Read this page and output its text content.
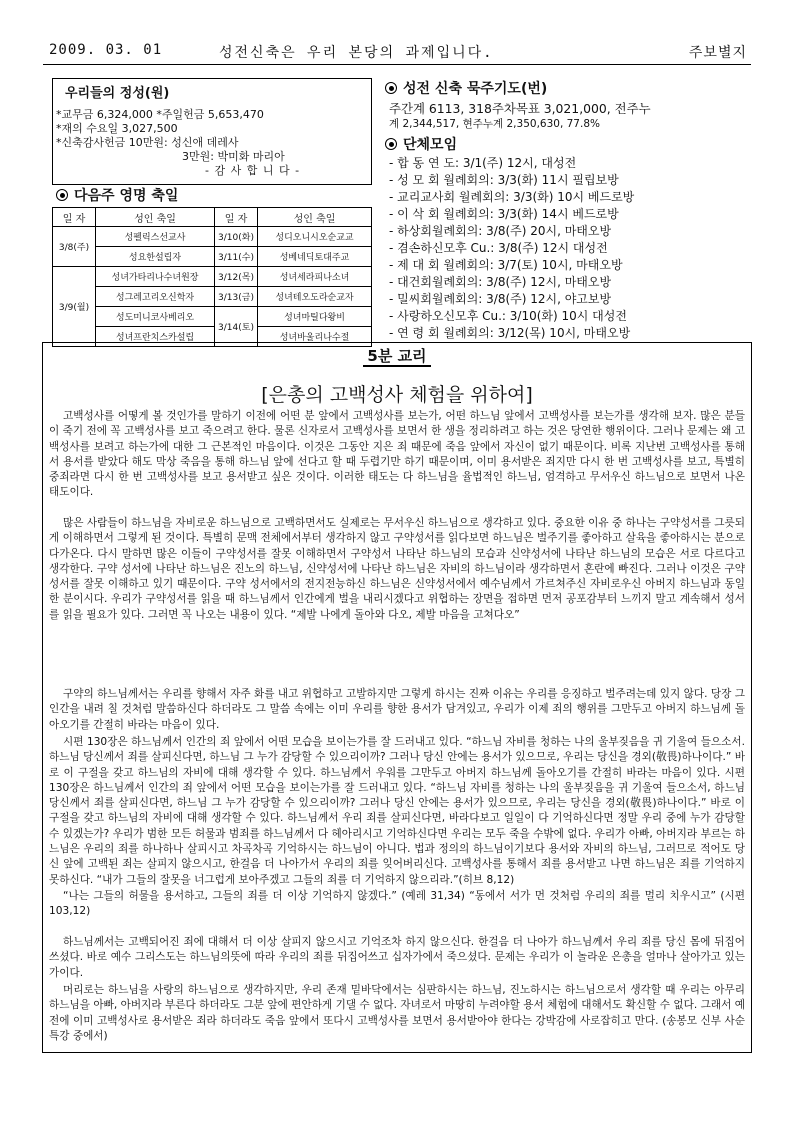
2009. 03. 01	성전신축은 우리 본당의 과제입니다.	주보별지
우리들의 정성(원)
*교무금 6,324,000 *주일헌금 5,653,470
*재의 수요일 3,027,500
*신축감사헌금 10만원: 성신애 데레사
3만원: 박미화 마리아
- 감 사 합 니 다 -
다음주 영명 축일
일 자	성인 축일	일 자	성인 축일
3/8(주)	성펠릭스선교사	3/10(화)	성디오니시오순교교
	성요한설립자	3/11(수)	성베네딕토대주교
3/9(월)	성녀가타리나수녀원장	3/12(목)	성녀세라피나소녀
	성그레고리오신학자	3/13(금)	성녀테오도라순교자
	성도미니코사베리오	3/14(토)	성녀마틸다왕비
	성녀프란치스카설립		성녀바울리나수절
성전 신축 묵주기도(번)
주간계 6113, 318주차목표 3,021,000, 전주누
계 2,344,517, 현주누계 2,350,630, 77.8%
단체모임
- 합 동 연 도: 3/1(주) 12시, 대성전
- 성 모 회 월례회의: 3/3(화) 11시 필립보방
- 교리교사회 월례회의: 3/3(화) 10시 베드로방
- 이 삭 회 월례회의: 3/3(화) 14시 베드로방
- 하상회월례회의: 3/8(주) 20시, 마태오방
- 겸손하신모후 Cu.: 3/8(주) 12시 대성전
- 제 대 회 월례회의: 3/7(토) 10시, 마태오방
- 대건회월례회의: 3/8(주) 12시, 마태오방
- 밀씨회월례회의: 3/8(주) 12시, 야고보방
- 사랑하오신모후 Cu.: 3/10(화) 10시 대성전
- 연 령 회 월례회의: 3/12(목) 10시, 마태오방
5분 교리
[은총의 고백성사 체험을 위하여]

고백성사를 어떻게 볼 것인가를 말하기 이전에 어떤 분 앞에서 고백성사를 보는가, 어떤 하느님 앞에서 고백성사를 보는가를 생각해 보자. 많은 분들이 죽기 전에 꼭 고백성사를 보고 죽으려고 한다. 물론 신자로서 고백성사를 보면서 한 생을 정리하려고 하는 것은 당연한 행위이다. 그러나 문제는 왜 고백성사를 보려고 하는가에 대한 그 근본적인 마음이다. 이것은 그동안 지은 죄 때문에 죽음 앞에서 자신이 없기 때문이다. 비록 지난번 고백성사를 통해서 용서를 받았다 해도 막상 죽음을 통해 하느님 앞에 선다고 할 때 두렵기만 하기 때문이며, 이미 용서받은 죄지만 다시 한 번 고백성사를 보고, 특별히 중죄라면 다시 한 번 고백성사를 보고 용서받고 싶은 것이다. 이러한 태도는 다 하느님을 율법적인 하느님, 엄격하고 무서우신 하느님으로 보면서 나온 태도이다.

많은 사람들이 하느님을 자비로운 하느님으로 고백하면서도 실제로는 무서우신 하느님으로 생각하고 있다. 중요한 이유 중 하나는 구약성서를 그릇되게 이해하면서 그렇게 된 것이다. 특별히 문맥 전체에서부터 생각하지 않고 구약성서를 읽다보면 하느님은 벌주기를 좋아하고 살육을 좋아하시는 분으로 다가온다. 다시 말하면 많은 이들이 구약성서를 잘못 이해하면서 구약성서 나타난 하느님의 모습과 신약성서에 나타난 하느님의 모습은 서로 다르다고 생각한다. 구약 성서에 나타난 하느님은 진노의 하느님, 신약성서에 나타난 하느님은 자비의 하느님이라 생각하면서 혼란에 빠진다. 그러나 이것은 구약성서를 잘못 이해하고 있기 때문이다. 구약 성서에서의 전지전능하신 하느님은 신약성서에서 예수님께서 가르쳐주신 자비로우신 아버지 하느님과 동일한 분이시다. 우리가 구약성서를 읽을 때 하느님께서 인간에게 벌을 내리시겠다고 위협하는 장면을 접하면 먼저 공포감부터 느끼지 말고 계속해서 성서를 읽을 필요가 있다. 그러면 꼭 나오는 내용이 있다. “제발 나에게 돌아와 다오, 제발 마음을 고쳐다오”

구약의 하느님께서는 우리를 향해서 자주 화를 내고 위협하고 고발하지만 그렇게 하시는 진짜 이유는 우리를 응징하고 벌주려는데 있지 않다. 당장 그 인간을 내려 칠 것처럼 말씀하신다 하더라도 그 말씀 속에는 이미 우리를 향한 용서가 담겨있고, 우리가 이제 죄의 행위를 그만두고 아버지 하느님께 돌아오기를 간절히 바라는 마음이 있다.

시편 130장은 하느님께서 인간의 죄 앞에서 어떤 모습을 보이는가를 잘 드러내고 있다. “하느님 자비를 청하는 나의 울부짖음을 귀 기울여 들으소서. 하느님 당신께서 죄를 살피신다면, 하느님 그 누가 감당할 수 있으리이까? 그러나 당신 안에는 용서가 있으므로, 우리는 당신을 경외(敬畏)하나이다.” 바로 이 구절을 갖고 하느님의 자비에 대해 생각할 수 있다. 하느님께서 우워를 그만두고 아버지 하느님께 돌아오기를 간절히 바라는 마음이 있다. 시편 130장은 하느님께서 인간의 죄 앞에서 어떤 모습을 보이는가를 잘 드러내고 있다. “하느님 자비를 청하는 나의 울부짖음을 귀 기울여 들으소서, 하느님 당신께서 죄를 살피신다면, 하느님 그 누가 감당할 수 있으리이까? 그러나 당신 안에는 용서가 있으므로, 우리는 당신을 경외(敬畏)하나이다.” 바로 이 구절을 갖고 하느님의 자비에 대해 생각할 수 있다. 하느님께서 우리 죄를 살피신다면, 바라다보고 일일이 다 기억하신다면 정말 우리 중에 누가 감당할 수 있겠는가? 우리가 범한 모든 허물과 범죄를 하느님께서 다 헤아리시고 기억하신다면 우리는 모두 죽을 수밖에 없다. 우리가 아빠, 아버지라 부르는 하느님은 우리의 죄를 하나하나 살피시고 차곡차곡 기억하시는 하느님이 아니다. 법과 정의의 하느님이기보다 용서와 자비의 하느님, 그러므로 적어도 당신 앞에 고백된 죄는 살피지 않으시고, 한걸음 더 나아가서 우리의 죄를 잊어버리신다. 고백성사를 통해서 죄를 용서받고 나면 하느님은 죄를 기억하지 못하신다. “내가 그들의 잘못을 너그럽게 보아주겠고 그들의 죄를 더 기억하지 않으리라.”(히브 8,12)

“나는 그들의 허물을 용서하고, 그들의 죄를 더 이상 기억하지 않겠다.” (예레 31,34) “동에서 서가 먼 것처럼 우리의 죄를 멀리 치우시고” (시편 103,12)

하느님께서는 고백되어진 죄에 대해서 더 이상 살피지 않으시고 기억조차 하지 않으신다. 한걸음 더 나아가 하느님께서 우리 죄를 당신 몸에 뒤집어 쓰셨다. 바로 예수 그리스도는 하느님의뜻에 따라 우리의 죄를 뒤집어쓰고 십자가에서 죽으셨다. 문제는 우리가 이 놀라운 은총을 얼마나 살아가고 있는가이다.

머리로는 하느님을 사랑의 하느님으로 생각하지만, 우리 존재 밑바닥에서는 심판하시는 하느님, 진노하시는 하느님으로서 생각할 때 우리는 아무리 하느님을 아빠, 아버지라 부른다 하더라도 그분 앞에 편안하게 기댈 수 없다. 자녀로서 마땅히 누려야할 용서 체험에 대해서도 확신할 수 없다. 그래서 예전에 이미 고백성사로 용서받은 죄라 하더라도 죽음 앞에서 또다시 고백성사를 보면서 용서받아야 한다는 강박감에 사로잡히고 만다. (송봉모 신부 사순특강 중에서)
